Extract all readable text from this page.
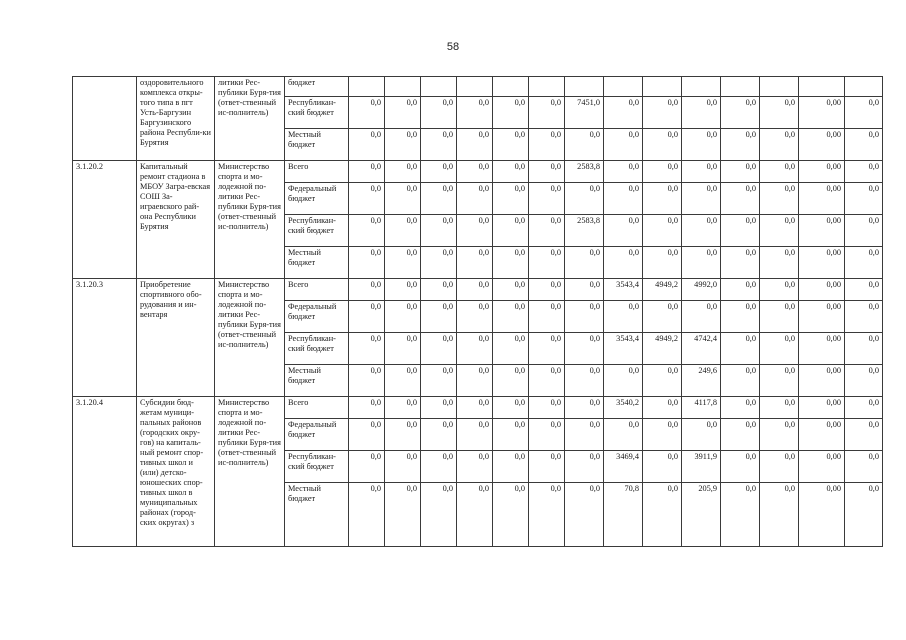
58
	оздоровительного комплекса откры-того типа в пгт Усть-Баргузин Баргузинского района Республи-ки Бурятия	литики Рес-публики Буря-тия (ответ-ственный ис-полнитель)	бюджет														
			Республикан-ский бюджет	0,0	0,0	0,0	0,0	0,0	0,0	7451,0	0,0	0,0	0,0	0,0	0,0	0,00	0,0
			Местный бюджет	0,0	0,0	0,0	0,0	0,0	0,0	0,0	0,0	0,0	0,0	0,0	0,0	0,00	0,0
3.1.20.2	Капитальный ремонт стадиона в МБОУ Загра-евская СОШ За-играевского рай-она Республики Бурятия	Министерство спорта и мо-лодежной по-литики Рес-публики Буря-тия (ответ-ственный ис-полнитель)	Всего	0,0	0,0	0,0	0,0	0,0	0,0	2583,8	0,0	0,0	0,0	0,0	0,0	0,00	0,0
			Федеральный бюджет	0,0	0,0	0,0	0,0	0,0	0,0	0,0	0,0	0,0	0,0	0,0	0,0	0,00	0,0
			Республикан-ский бюджет	0,0	0,0	0,0	0,0	0,0	0,0	2583,8	0,0	0,0	0,0	0,0	0,0	0,00	0,0
			Местный бюджет	0,0	0,0	0,0	0,0	0,0	0,0	0,0	0,0	0,0	0,0	0,0	0,0	0,00	0,0
3.1.20.3	Приобретение спортивного обо-рудования и ин-вентаря	Министерство спорта и мо-лодежной по-литики Рес-публики Буря-тия (ответ-ственный ис-полнитель)	Всего	0,0	0,0	0,0	0,0	0,0	0,0	0,0	3543,4	4949,2	4992,0	0,0	0,0	0,00	0,0
			Федеральный бюджет	0,0	0,0	0,0	0,0	0,0	0,0	0,0	0,0	0,0	0,0	0,0	0,0	0,00	0,0
			Республикан-ский бюджет	0,0	0,0	0,0	0,0	0,0	0,0	0,0	3543,4	4949,2	4742,4	0,0	0,0	0,00	0,0
			Местный бюджет	0,0	0,0	0,0	0,0	0,0	0,0	0,0	0,0	0,0	249,6	0,0	0,0	0,00	0,0
3.1.20.4	Субсидии бюд-жетам муници-пальных районов (городских окру-гов) на капиталь-ный ремонт спор-тивных школ и (или) детско-юношеских спор-тивных школ в муниципальных районах (город-ских округах) з	Министерство спорта и мо-лодежной по-литики Рес-публики Буря-тия (ответ-ственный ис-полнитель)	Всего	0,0	0,0	0,0	0,0	0,0	0,0	0,0	3540,2	0,0	4117,8	0,0	0,0	0,00	0,0
			Федеральный бюджет	0,0	0,0	0,0	0,0	0,0	0,0	0,0	0,0	0,0	0,0	0,0	0,0	0,00	0,0
			Республикан-ский бюджет	0,0	0,0	0,0	0,0	0,0	0,0	0,0	3469,4	0,0	3911,9	0,0	0,0	0,00	0,0
			Местный бюджет	0,0	0,0	0,0	0,0	0,0	0,0	0,0	70,8	0,0	205,9	0,0	0,0	0,00	0,0
